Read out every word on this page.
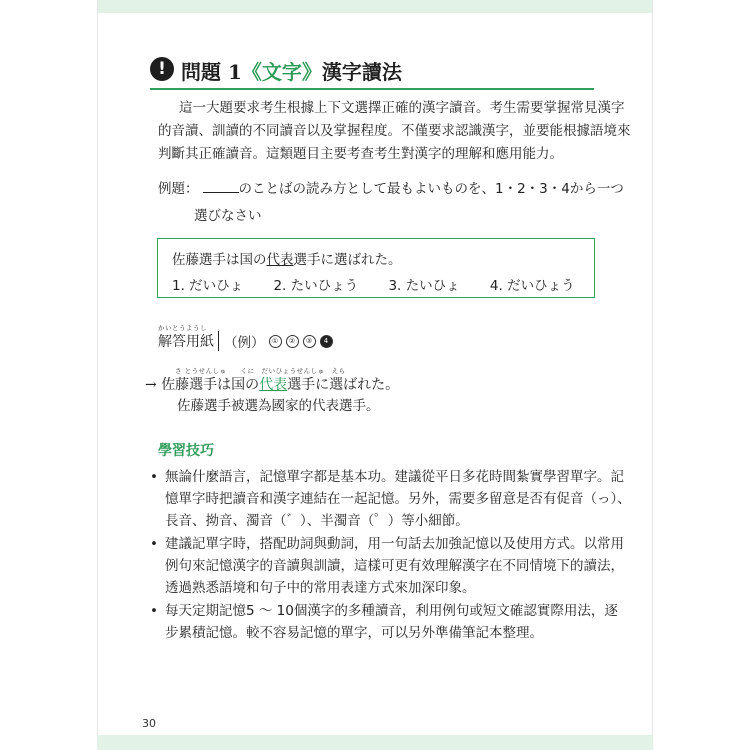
! 問題 1《文字》漢字讀法
這一大題要求考生根據上下文選擇正確的漢字讀音。考生需要掌握常見漢字
的音讀、訓讀的不同讀音以及掌握程度。不僅要求認識漢字，並要能根據語境來
判斷其正確讀音。這類題目主要考查考生對漢字的理解和應用能力。
例題：	のことばの読み方として最もよいものを、1・2・3・4から一つ
選びなさい
佐藤選手は国の代表選手に選ばれた。
1. だいひょ 2. たいひょう 3. たいひょ 4. だいひょう
かいとうようし
解答用紙 （例）	①	②	③	4
さ とうせんしゅ　　くに　だいひょうせんしゅ　えら
→ 佐藤選手は国の代表選手に選ばれた。
佐藤選手被選為國家的代表選手。
學習技巧
• 無論什麼語言，記憶單字都是基本功。建議從平日多花時間紮實學習單字。記
憶單字時把讀音和漢字連結在一起記憶。另外，需要多留意是否有促音（っ）、
長音、拗音、濁音（゛）、半濁音（゜）等小細節。
• 建議記單字時，搭配助詞與動詞，用一句話去加強記憶以及使用方式。以常用
例句來記憶漢字的音讀與訓讀，這樣可更有效理解漢字在不同情境下的讀法，
透過熟悉語境和句子中的常用表達方式來加深印象。
• 每天定期記憶5 ～ 10個漢字的多種讀音，利用例句或短文確認實際用法，逐
步累積記憶。較不容易記憶的單字，可以另外準備筆記本整理。
30
